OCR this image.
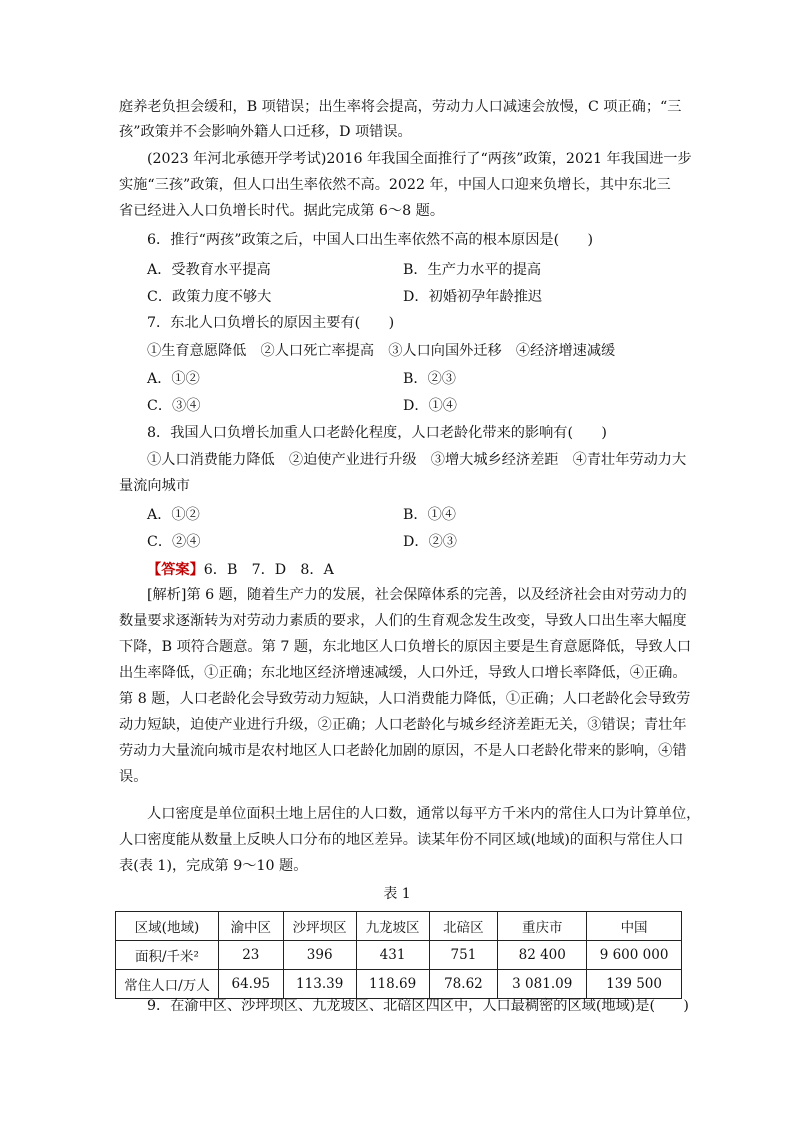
庭养老负担会缓和，B 项错误；出生率将会提高，劳动力人口减速会放慢，C 项正确；“三
孩”政策并不会影响外籍人口迁移，D 项错误。
(2023 年河北承德开学考试)2016 年我国全面推行了“两孩”政策，2021 年我国进一步
实施“三孩”政策，但人口出生率依然不高。2022 年，中国人口迎来负增长，其中东北三
省已经进入人口负增长时代。据此完成第 6～8 题。
6．推行“两孩”政策之后，中国人口出生率依然不高的根本原因是(　　)
A．受教育水平提高	B．生产力水平的提高
C．政策力度不够大	D．初婚初孕年龄推迟
7．东北人口负增长的原因主要有(　　)
①生育意愿降低　②人口死亡率提高　③人口向国外迁移　④经济增速减缓
A．①②	B．②③
C．③④	D．①④
8．我国人口负增长加重人口老龄化程度，人口老龄化带来的影响有(　　)
①人口消费能力降低　②迫使产业进行升级　③增大城乡经济差距　④青壮年劳动力大
量流向城市
A．①②	B．①④
C．②④	D．②③
【答案】6．B　7．D　8．A
[解析]第 6 题，随着生产力的发展，社会保障体系的完善，以及经济社会由对劳动力的
数量要求逐渐转为对劳动力素质的要求，人们的生育观念发生改变，导致人口出生率大幅度
下降，B 项符合题意。第 7 题，东北地区人口负增长的原因主要是生育意愿降低，导致人口
出生率降低，①正确；东北地区经济增速减缓，人口外迁，导致人口增长率降低，④正确。
第 8 题，人口老龄化会导致劳动力短缺，人口消费能力降低，①正确；人口老龄化会导致劳
动力短缺，迫使产业进行升级，②正确；人口老龄化与城乡经济差距无关，③错误；青壮年
劳动力大量流向城市是农村地区人口老龄化加剧的原因，不是人口老龄化带来的影响，④错
误。
人口密度是单位面积土地上居住的人口数，通常以每平方千米内的常住人口为计算单位，
人口密度能从数量上反映人口分布的地区差异。读某年份不同区域(地域)的面积与常住人口
表(表 1)，完成第 9～10 题。
表 1
区域(地域)	渝中区	沙坪坝区	九龙坡区	北碚区	重庆市	中国
面积/千米²	23	396	431	751	82 400	9 600 000
常住人口/万人	64.95	113.39	118.69	78.62	3 081.09	139 500
9．在渝中区、沙坪坝区、九龙坡区、北碚区四区中，人口最稠密的区域(地域)是(　　)
